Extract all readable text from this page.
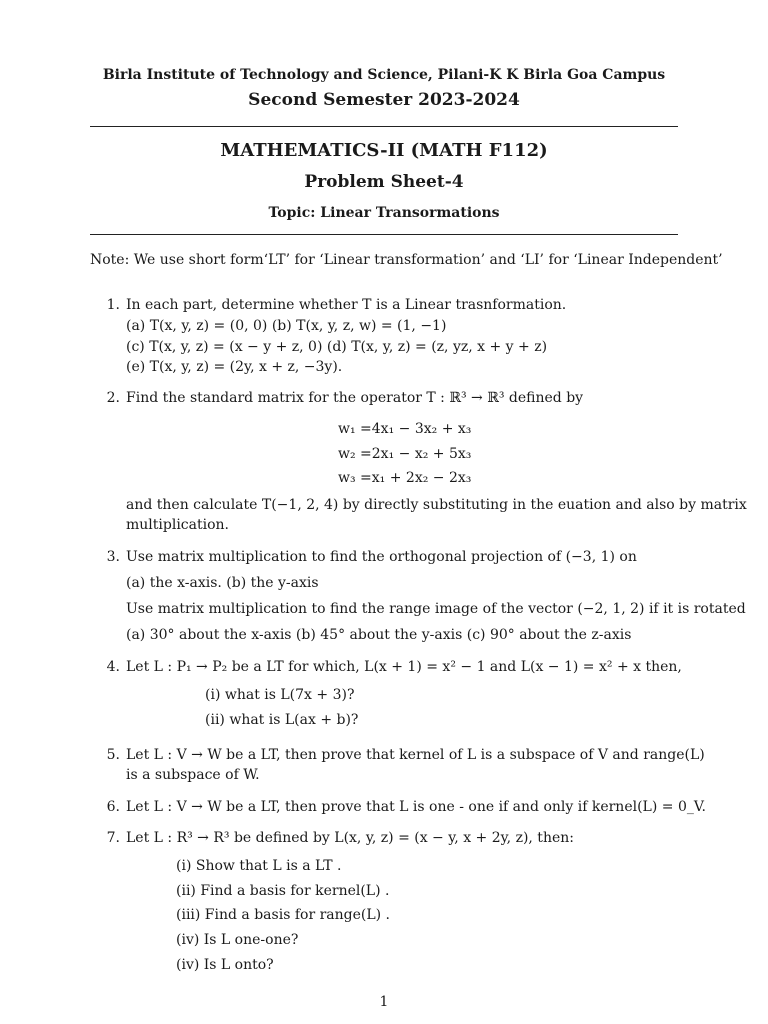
Birla Institute of Technology and Science, Pilani-K K Birla Goa Campus
Second Semester 2023-2024
MATHEMATICS-II (MATH F112)
Problem Sheet-4
Topic: Linear Transormations
Note: We use short form‘LT’ for ‘Linear transformation’ and ‘LI’ for ‘Linear Independent’
1. In each part, determine whether T is a Linear trasnformation.
(a) T(x, y, z) = (0, 0) (b) T(x, y, z, w) = (1, −1)
(c) T(x, y, z) = (x − y + z, 0) (d) T(x, y, z) = (z, yz, x + y + z)
(e) T(x, y, z) = (2y, x + z, −3y).
2. Find the standard matrix for the operator T : ℝ³ → ℝ³ defined by
w₁ =4x₁ − 3x₂ + x₃
w₂ =2x₁ − x₂ + 5x₃
w₃ =x₁ + 2x₂ − 2x₃
and then calculate T(−1, 2, 4) by directly substituting in the euation and also by matrix
multiplication.
3. Use matrix multiplication to find the orthogonal projection of (−3, 1) on
(a) the x-axis. (b) the y-axis
Use matrix multiplication to find the range image of the vector (−2, 1, 2) if it is rotated
(a) 30° about the x-axis (b) 45° about the y-axis (c) 90° about the z-axis
4. Let L : P₁ → P₂ be a LT for which, L(x + 1) = x² − 1 and L(x − 1) = x² + x then,
(i) what is L(7x + 3)?
(ii) what is L(ax + b)?
5. Let L : V → W be a LT, then prove that kernel of L is a subspace of V and range(L)
is a subspace of W.
6. Let L : V → W be a LT, then prove that L is one - one if and only if kernel(L) = 0_V.
7. Let L : R³ → R³ be defined by L(x, y, z) = (x − y, x + 2y, z), then:
(i) Show that L is a LT .
(ii) Find a basis for kernel(L) .
(iii) Find a basis for range(L) .
(iv) Is L one-one?
(iv) Is L onto?
1
